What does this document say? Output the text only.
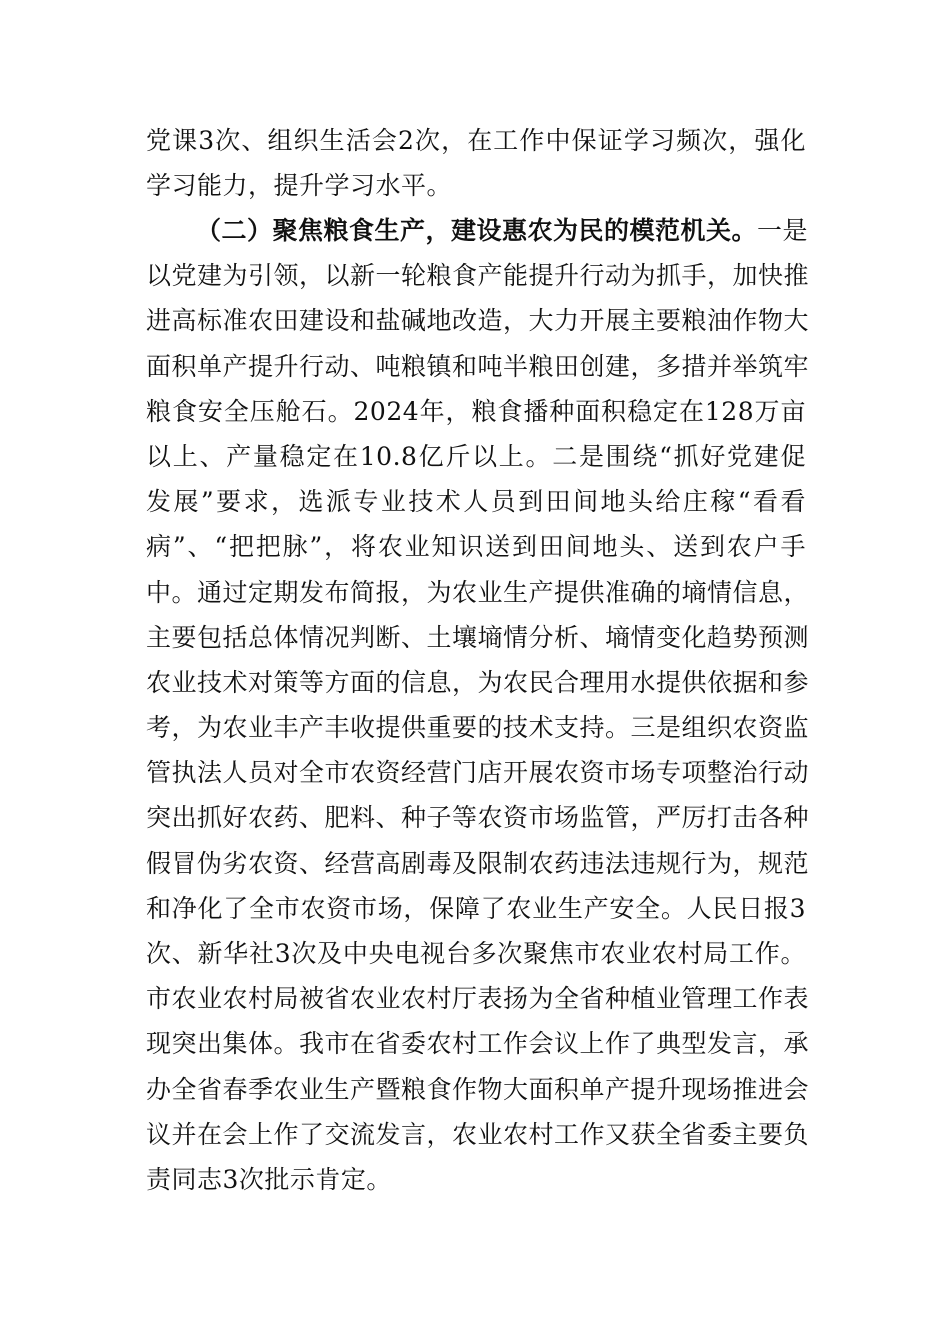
党课3次、组织生活会2次，在工作中保证学习频次，强化
学习能力，提升学习水平。
（二）聚焦粮食生产，建设惠农为民的模范机关。一是
以党建为引领，以新一轮粮食产能提升行动为抓手，加快推
进高标准农田建设和盐碱地改造，大力开展主要粮油作物大
面积单产提升行动、吨粮镇和吨半粮田创建，多措并举筑牢
粮食安全压舱石。2024年，粮食播种面积稳定在128万亩
以上、产量稳定在10.8亿斤以上。二是围绕“抓好党建促
发展”要求，选派专业技术人员到田间地头给庄稼“看看
病”、“把把脉”，将农业知识送到田间地头、送到农户手
中。通过定期发布简报，为农业生产提供准确的墒情信息，
主要包括总体情况判断、土壤墒情分析、墒情变化趋势预测
农业技术对策等方面的信息，为农民合理用水提供依据和参
考，为农业丰产丰收提供重要的技术支持。三是组织农资监
管执法人员对全市农资经营门店开展农资市场专项整治行动
突出抓好农药、肥料、种子等农资市场监管，严厉打击各种
假冒伪劣农资、经营高剧毒及限制农药违法违规行为，规范
和净化了全市农资市场，保障了农业生产安全。人民日报3
次、新华社3次及中央电视台多次聚焦市农业农村局工作。
市农业农村局被省农业农村厅表扬为全省种植业管理工作表
现突出集体。我市在省委农村工作会议上作了典型发言，承
办全省春季农业生产暨粮食作物大面积单产提升现场推进会
议并在会上作了交流发言，农业农村工作又获全省委主要负
责同志3次批示肯定。
